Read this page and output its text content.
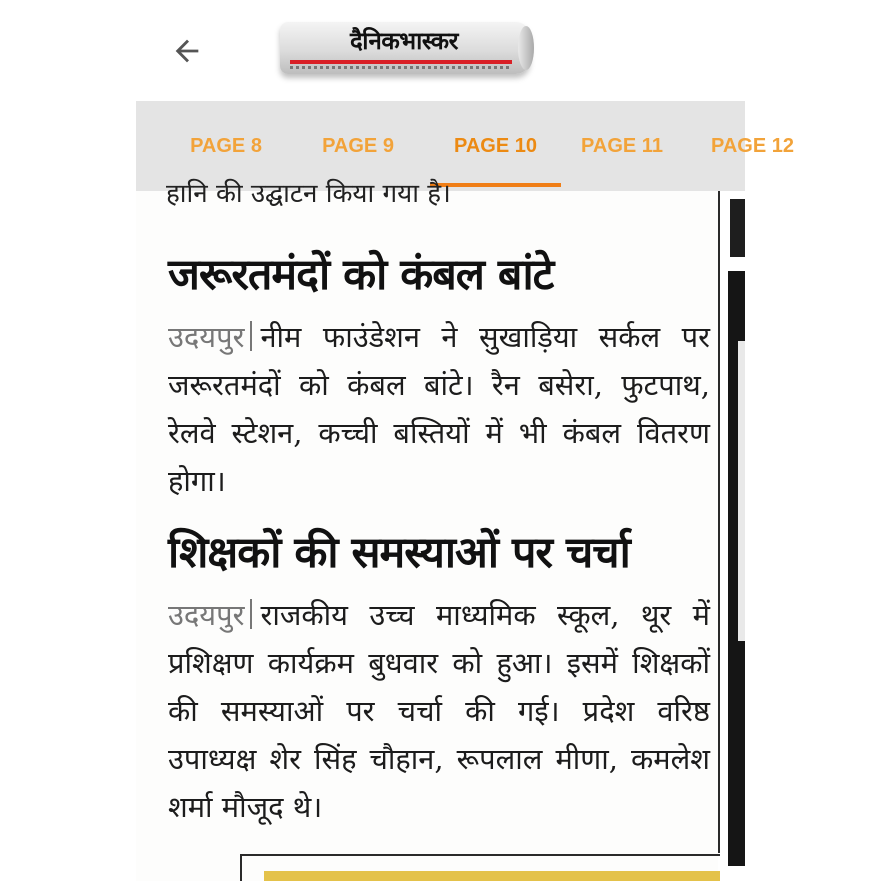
दैनिकभास्कर
PAGE 8	PAGE 9	PAGE 10	PAGE 11	PAGE 12
हानि की उद्घाटन किया गया है।
जरूरतमंदों को कंबल बांटे
उदयपुर नीम फाउंडेशन ने सुखाड़िया सर्कल पर जरूरतमंदों को कंबल बांटे। रैन बसेरा, फुटपाथ, रेलवे स्टेशन, कच्ची बस्तियों में भी कंबल वितरण होगा।
शिक्षकों की समस्याओं पर चर्चा
उदयपुर राजकीय उच्च माध्यमिक स्कूल, थूर में प्रशिक्षण कार्यक्रम बुधवार को हुआ। इसमें शिक्षकों की समस्याओं पर चर्चा की गई। प्रदेश वरिष्ठ उपाध्यक्ष शेर सिंह चौहान, रूपलाल मीणा, कमलेश शर्मा मौजूद थे।
